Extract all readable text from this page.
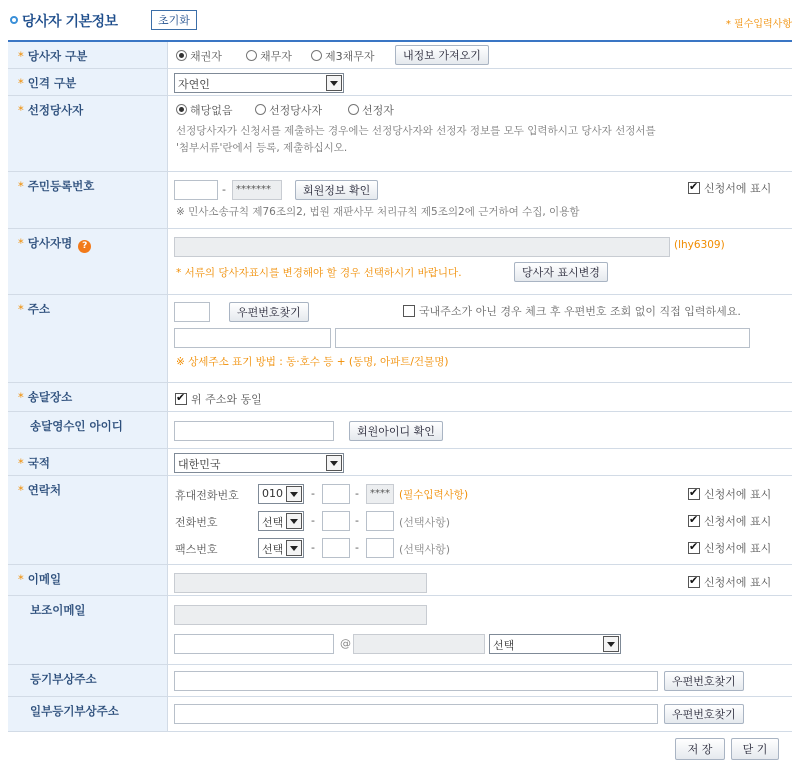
당사자 기본정보	초기화	* 필수입력사항
* 당사자 구분	채권자	채무자	제3채무자	내정보 가져오기
* 인격 구분	자연인
* 선정당사자	해당없음	선정당사자	선정자
선정당사자가 신청서를 제출하는 경우에는 선정당사자와 선정자 정보를 모두 입력하시고 당사자 선정서를
'첨부서류'란에서 등록, 제출하십시오.
* 주민등록번호	-	*******	회원정보 확인 ✔	신청서에 표시
※ 민사소송규칙 제76조의2, 법원 재판사무 처리규칙 제5조의2에 근거하여 수집, 이용함
* 당사자명 ?	(lhy6309)
* 서류의 당사자표시를 변경해야 할 경우 선택하시기 바랍니다.	당사자 표시변경
* 주소	우편번호찾기	국내주소가 아닌 경우 체크 후 우편번호 조회 없이 직접 입력하세요.
※ 상세주소 표기 방법 : 동·호수 등 + (동명, 아파트/건물명)
* 송달장소 ✔	위 주소와 동일
송달영수인 아이디	회원아이디 확인
* 국적	대한민국
* 연락처	휴대전화번호 010	-	-	**** (필수입력사항) ✔	신청서에 표시
전화번호	선택	-	-	(선택사항) ✔	신청서에 표시
팩스번호	선택	-	-	(선택사항) ✔	신청서에 표시
* 이메일 ✔	신청서에 표시
보조이메일
@	선택
등기부상주소	우편번호찾기
일부등기부상주소	우편번호찾기
저 장	닫 기
